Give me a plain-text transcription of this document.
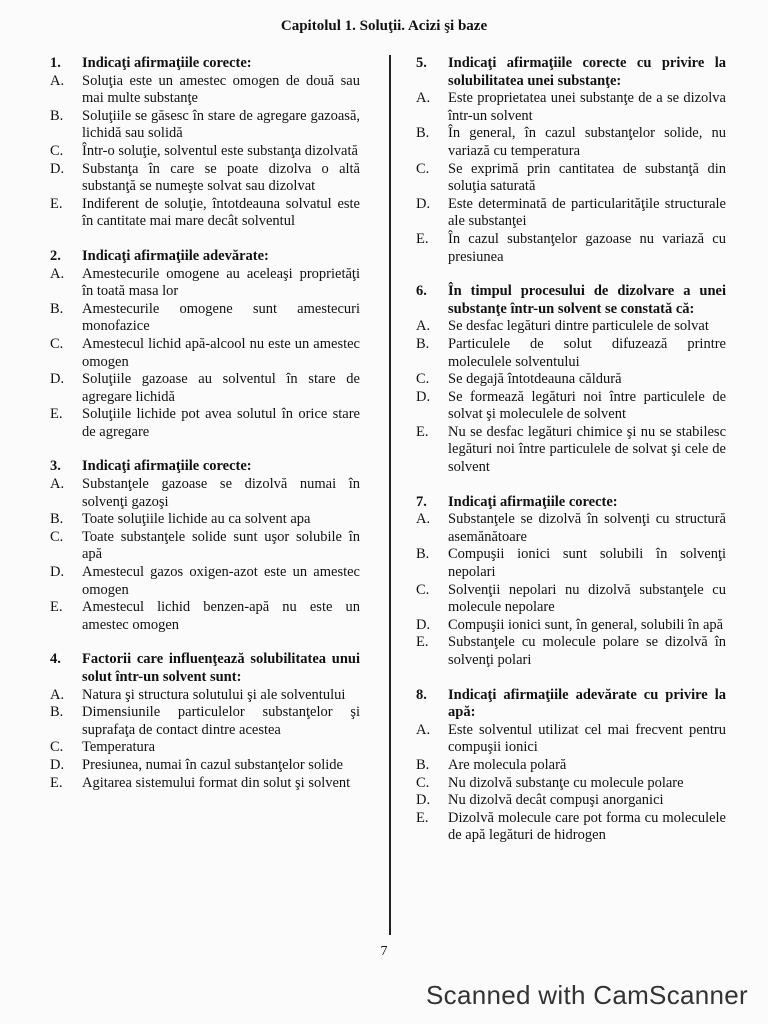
Capitolul 1. Soluţii. Acizi şi baze
1.	Indicaţi afirmaţiile corecte:
A.	Soluţia este un amestec omogen de două sau mai multe substanţe
B.	Soluţiile se găsesc în stare de agregare gazoasă, lichidă sau solidă
C.	Într-o soluţie, solventul este substanţa dizolvată
D.	Substanţa în care se poate dizolva o altă substanţă se numeşte solvat sau dizolvat
E.	Indiferent de soluţie, întotdeauna solvatul este în cantitate mai mare decât solventul
2.	Indicaţi afirmaţiile adevărate:
A.	Amestecurile omogene au aceleaşi proprietăţi în toată masa lor
B.	Amestecurile omogene sunt amestecuri monofazice
C.	Amestecul lichid apă-alcool nu este un amestec omogen
D.	Soluţiile gazoase au solventul în stare de agregare lichidă
E.	Soluţiile lichide pot avea solutul în orice stare de agregare
3.	Indicaţi afirmaţiile corecte:
A.	Substanţele gazoase se dizolvă numai în solvenţi gazoşi
B.	Toate soluţiile lichide au ca solvent apa
C.	Toate substanţele solide sunt uşor solubile în apă
D.	Amestecul gazos oxigen-azot este un amestec omogen
E.	Amestecul lichid benzen-apă nu este un amestec omogen
4.	Factorii care influenţează solubilitatea unui solut într-un solvent sunt:
A.	Natura şi structura solutului şi ale solventului
B.	Dimensiunile particulelor substanţelor şi suprafaţa de contact dintre acestea
C.	Temperatura
D.	Presiunea, numai în cazul substanţelor solide
E.	Agitarea sistemului format din solut şi solvent
5.	Indicaţi afirmaţiile corecte cu privire la solubilitatea unei substanţe:
A.	Este proprietatea unei substanţe de a se dizolva într-un solvent
B.	În general, în cazul substanţelor solide, nu variază cu temperatura
C.	Se exprimă prin cantitatea de substanţă din soluţia saturată
D.	Este determinată de particularităţile structurale ale substanţei
E.	În cazul substanţelor gazoase nu variază cu presiunea
6.	În timpul procesului de dizolvare a unei substanţe într-un solvent se constată că:
A.	Se desfac legături dintre particulele de solvat
B.	Particulele de solut difuzează printre moleculele solventului
C.	Se degajă întotdeauna căldură
D.	Se formează legături noi între particulele de solvat şi moleculele de solvent
E.	Nu se desfac legături chimice şi nu se stabilesc legături noi între particulele de solvat şi cele de solvent
7.	Indicaţi afirmaţiile corecte:
A.	Substanţele se dizolvă în solvenţi cu structură asemănătoare
B.	Compuşii ionici sunt solubili în solvenţi nepolari
C.	Solvenţii nepolari nu dizolvă substanţele cu molecule nepolare
D.	Compuşii ionici sunt, în general, solubili în apă
E.	Substanţele cu molecule polare se dizolvă în solvenţi polari
8.	Indicaţi afirmaţiile adevărate cu privire la apă:
A.	Este solventul utilizat cel mai frecvent pentru compuşii ionici
B.	Are molecula polară
C.	Nu dizolvă substanţe cu molecule polare
D.	Nu dizolvă decât compuşi anorganici
E.	Dizolvă molecule care pot forma cu moleculele de apă legături de hidrogen
7
Scanned with CamScanner
